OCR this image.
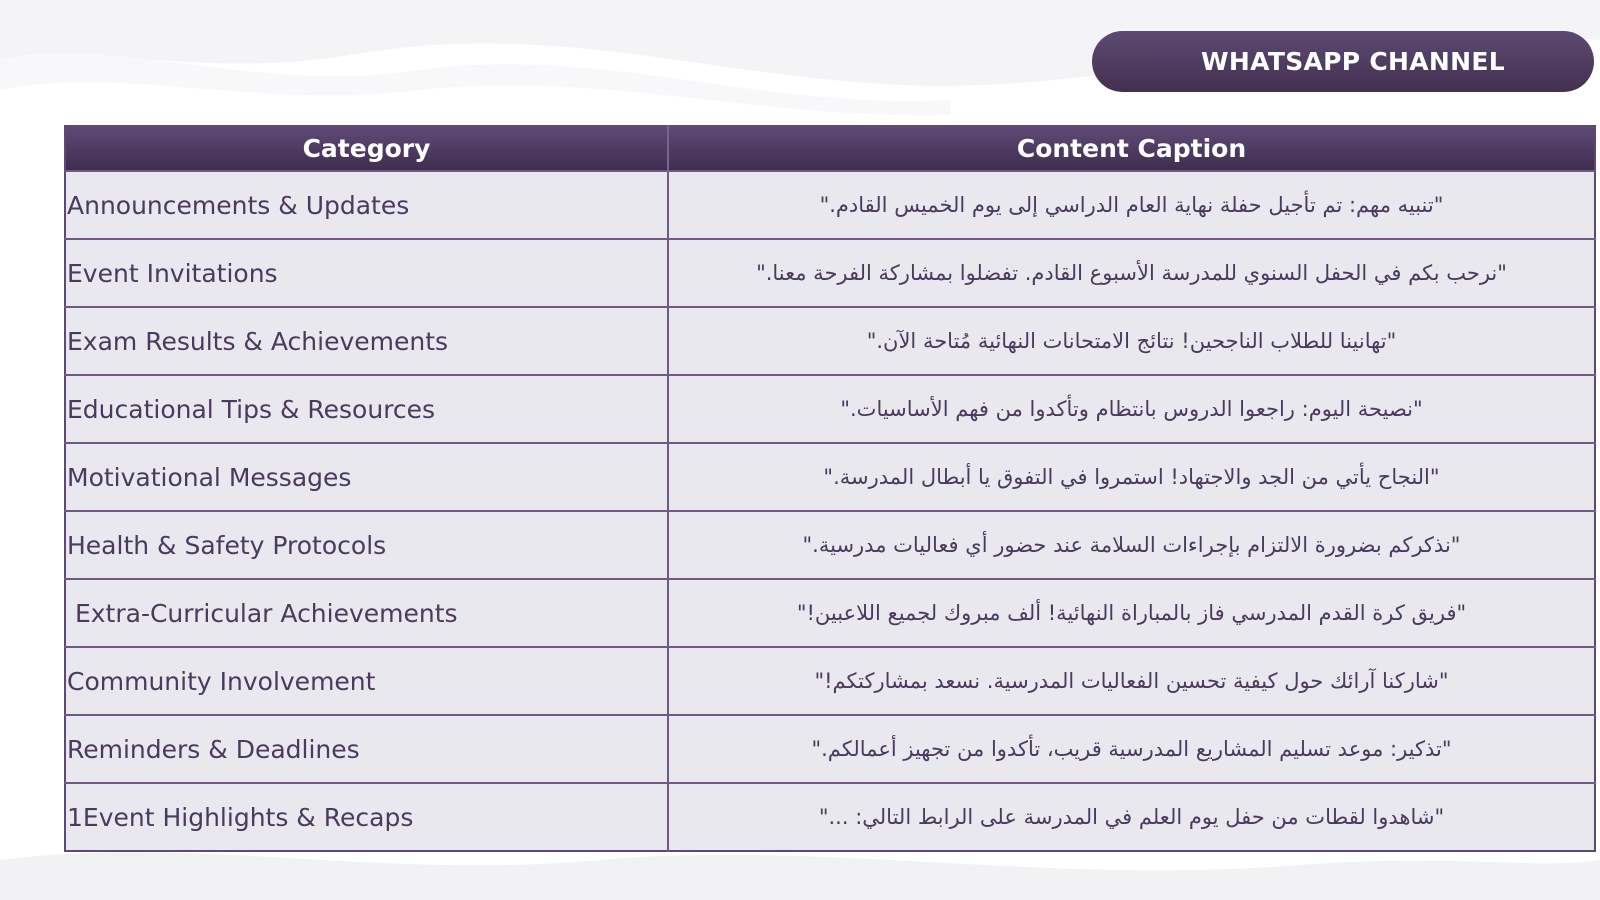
WHATSAPP CHANNEL
Category	Content Caption
Announcements & Updates	"تنبيه مهم: تم تأجيل حفلة نهاية العام الدراسي إلى يوم الخميس القادم."
Event Invitations	"نرحب بكم في الحفل السنوي للمدرسة الأسبوع القادم. تفضلوا بمشاركة الفرحة معنا."
Exam Results & Achievements	"تهانينا للطلاب الناجحين! نتائج الامتحانات النهائية مُتاحة الآن."
Educational Tips & Resources	"نصيحة اليوم: راجعوا الدروس بانتظام وتأكدوا من فهم الأساسيات."
Motivational Messages	"النجاح يأتي من الجد والاجتهاد! استمروا في التفوق يا أبطال المدرسة."
Health & Safety Protocols	"نذكركم بضرورة الالتزام بإجراءات السلامة عند حضور أي فعاليات مدرسية."
Extra-Curricular Achievements	"فريق كرة القدم المدرسي فاز بالمباراة النهائية! ألف مبروك لجميع اللاعبين!"
Community Involvement	"شاركنا آرائك حول كيفية تحسين الفعاليات المدرسية. نسعد بمشاركتكم!"
Reminders & Deadlines	"تذكير: موعد تسليم المشاريع المدرسية قريب، تأكدوا من تجهيز أعمالكم."
1Event Highlights & Recaps	"شاهدوا لقطات من حفل يوم العلم في المدرسة على الرابط التالي: ..."
